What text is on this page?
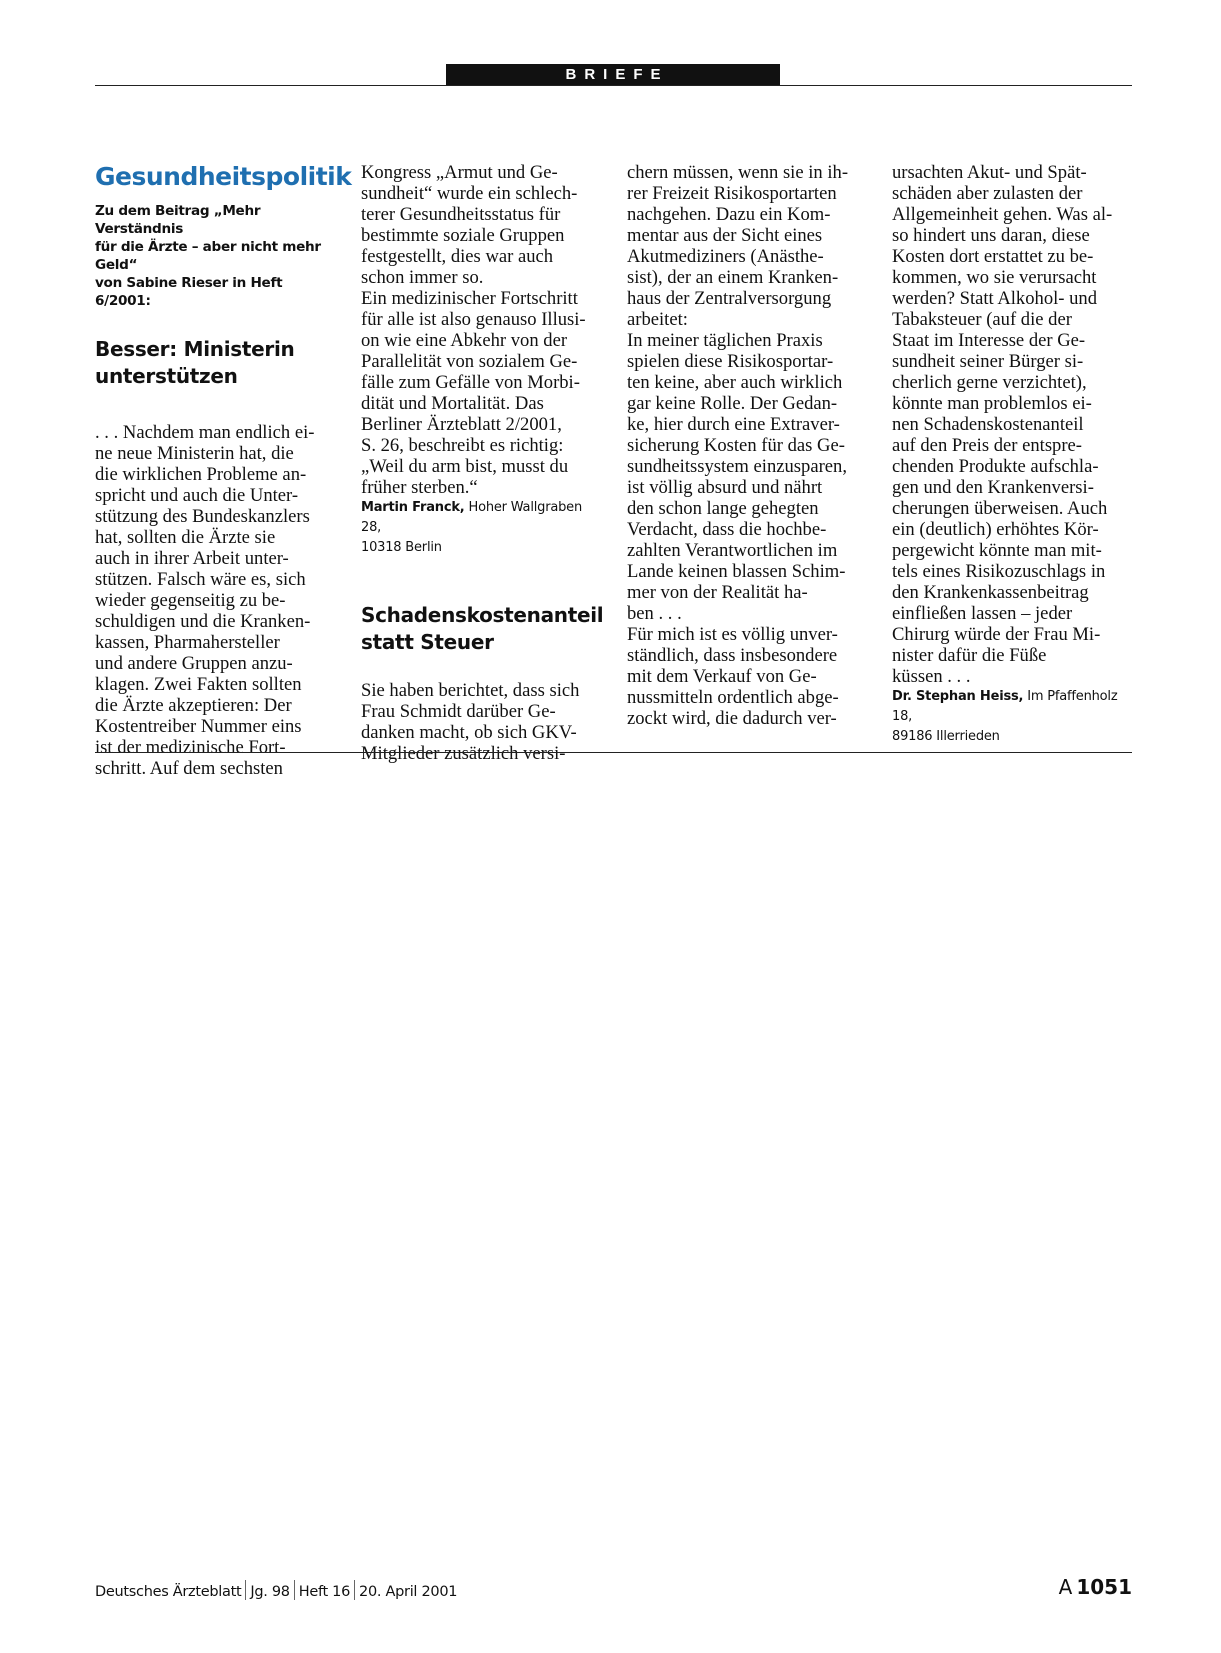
BRIEFE
Gesundheitspolitik

Zu dem Beitrag „Mehr Verständnis
für die Ärzte – aber nicht mehr Geld“
von Sabine Rieser in Heft 6/2001:

Besser: Ministerin
unterstützen

. . . Nachdem man endlich ei-
ne neue Ministerin hat, die
die wirklichen Probleme an-
spricht und auch die Unter-
stützung des Bundeskanzlers
hat, sollten die Ärzte sie
auch in ihrer Arbeit unter-
stützen. Falsch wäre es, sich
wieder gegenseitig zu be-
schuldigen und die Kranken-
kassen, Pharmahersteller
und andere Gruppen anzu-
klagen. Zwei Fakten sollten
die Ärzte akzeptieren: Der
Kostentreiber Nummer eins
ist der medizinische Fort-
schritt. Auf dem sechsten

Kongress „Armut und Ge-
sundheit“ wurde ein schlech-
terer Gesundheitsstatus für
bestimmte soziale Gruppen
festgestellt, dies war auch
schon immer so.
Ein medizinischer Fortschritt
für alle ist also genauso Illusi-
on wie eine Abkehr von der
Parallelität von sozialem Ge-
fälle zum Gefälle von Morbi-
dität und Mortalität. Das
Berliner Ärzteblatt 2/2001,
S. 26, beschreibt es richtig:
„Weil du arm bist, musst du
früher sterben.“

Martin Franck, Hoher Wallgraben 28,
10318 Berlin

Schadenskostenanteil
statt Steuer

Sie haben berichtet, dass sich
Frau Schmidt darüber Ge-
danken macht, ob sich GKV-
Mitglieder zusätzlich versi-

chern müssen, wenn sie in ih-
rer Freizeit Risikosportarten
nachgehen. Dazu ein Kom-
mentar aus der Sicht eines
Akutmediziners (Anästhe-
sist), der an einem Kranken-
haus der Zentralversorgung
arbeitet:
In meiner täglichen Praxis
spielen diese Risikosportar-
ten keine, aber auch wirklich
gar keine Rolle. Der Gedan-
ke, hier durch eine Extraver-
sicherung Kosten für das Ge-
sundheitssystem einzusparen,
ist völlig absurd und nährt
den schon lange gehegten
Verdacht, dass die hochbe-
zahlten Verantwortlichen im
Lande keinen blassen Schim-
mer von der Realität ha-
ben . . .
Für mich ist es völlig unver-
ständlich, dass insbesondere
mit dem Verkauf von Ge-
nussmitteln ordentlich abge-
zockt wird, die dadurch ver-

ursachten Akut- und Spät-
schäden aber zulasten der
Allgemeinheit gehen. Was al-
so hindert uns daran, diese
Kosten dort erstattet zu be-
kommen, wo sie verursacht
werden? Statt Alkohol- und
Tabaksteuer (auf die der
Staat im Interesse der Ge-
sundheit seiner Bürger si-
cherlich gerne verzichtet),
könnte man problemlos ei-
nen Schadenskostenanteil
auf den Preis der entspre-
chenden Produkte aufschla-
gen und den Krankenversi-
cherungen überweisen. Auch
ein (deutlich) erhöhtes Kör-
pergewicht könnte man mit-
tels eines Risikozuschlags in
den Krankenkassenbeitrag
einfließen lassen – jeder
Chirurg würde der Frau Mi-
nister dafür die Füße
küssen . . .

Dr. Stephan Heiss, Im Pfaffenholz 18,
89186 Illerrieden

Deutsches Ärzteblatt Jg. 98 Heft 16 20. April 2001	A 1051
